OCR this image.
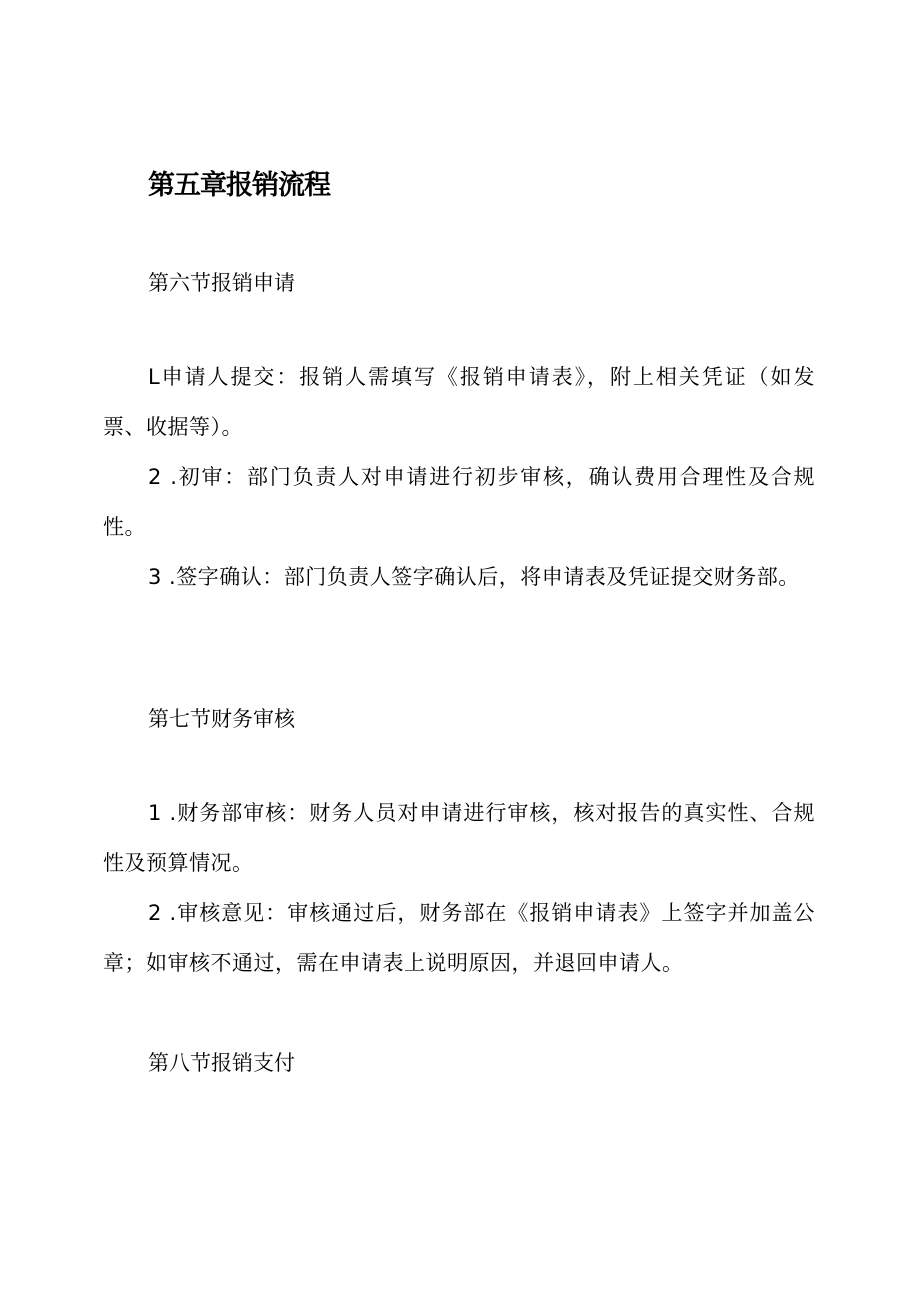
第五章报销流程
第六节报销申请

L申请人提交：报销人需填写《报销申请表》，附上相关凭证（如发票、收据等）。

2 .初审：部门负责人对申请进行初步审核，确认费用合理性及合规性。

3 .签字确认：部门负责人签字确认后，将申请表及凭证提交财务部。

第七节财务审核

1 .财务部审核：财务人员对申请进行审核，核对报告的真实性、合规性及预算情况。

2 .审核意见：审核通过后，财务部在《报销申请表》上签字并加盖公章；如审核不通过，需在申请表上说明原因，并退回申请人。

第八节报销支付
